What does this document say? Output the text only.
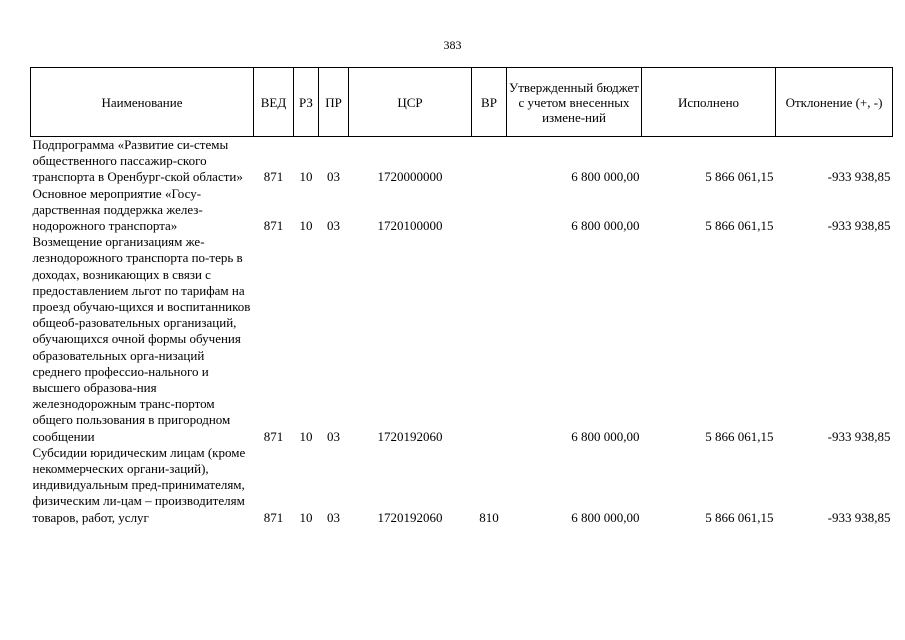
383
Наименование	ВЕД	РЗ	ПР	ЦСР	ВР	Утвержденный бюджет с учетом внесенных измене-ний	Исполнено	Отклонение (+, -)
Подпрограмма «Развитие си-стемы общественного пассажир-ского транспорта в Оренбург-ской области»	871	10	03	1720000000		6 800 000,00	5 866 061,15	-933 938,85
Основное мероприятие «Госу-дарственная поддержка желез-нодорожного транспорта»	871	10	03	1720100000		6 800 000,00	5 866 061,15	-933 938,85
Возмещение организациям же-лезнодорожного транспорта по-терь в доходах, возникающих в связи с предоставлением льгот по тарифам на проезд обучаю-щихся и воспитанников общеоб-разовательных организаций, обучающихся очной формы обучения образовательных орга-низаций среднего профессио-нального и высшего образова-ния железнодорожным транс-портом общего пользования в пригородном сообщении	871	10	03	1720192060		6 800 000,00	5 866 061,15	-933 938,85
Субсидии юридическим лицам (кроме некоммерческих органи-заций), индивидуальным пред-принимателям, физическим ли-цам – производителям товаров, работ, услуг	871	10	03	1720192060	810	6 800 000,00	5 866 061,15	-933 938,85
